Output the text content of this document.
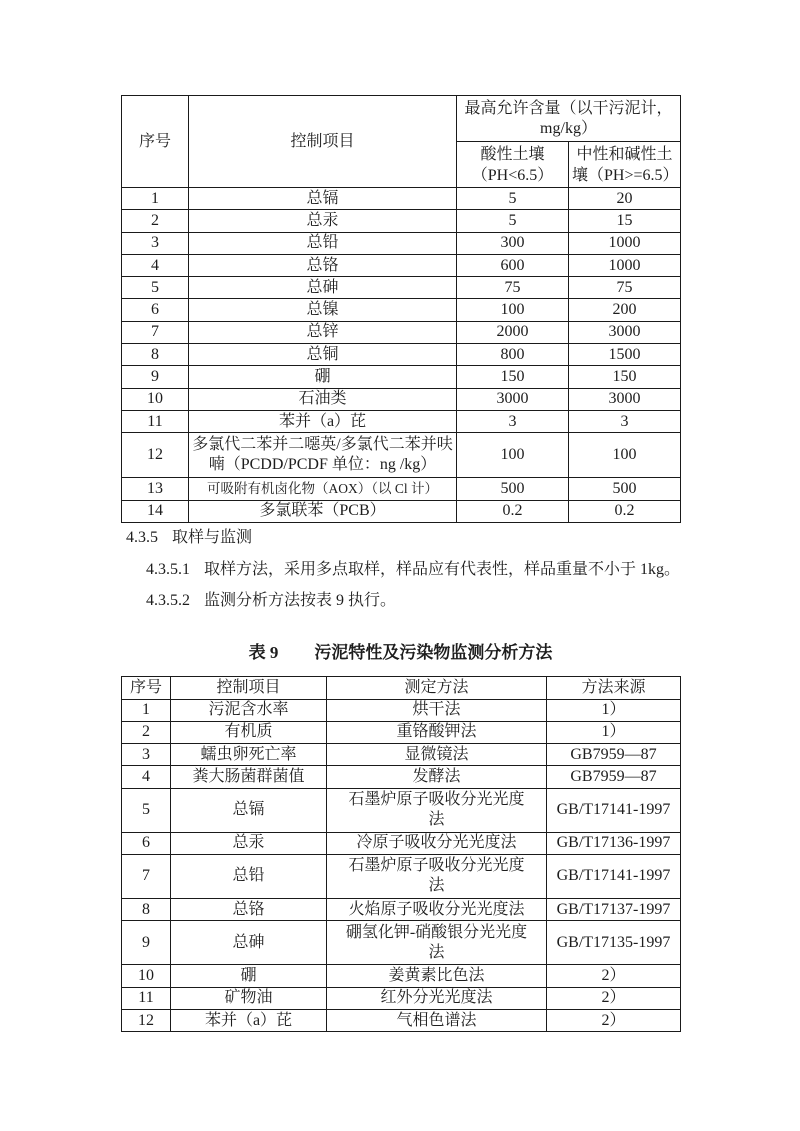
序号	控制项目	最高允许含量（以干污泥计，mg/kg）	
		酸性土壤（PH<6.5）	中性和碱性土壤（PH>=6.5）
1	总镉	5	20
2	总汞	5	15
3	总铅	300	1000
4	总铬	600	1000
5	总砷	75	75
6	总镍	100	200
7	总锌	2000	3000
8	总铜	800	1500
9	硼	150	150
10	石油类	3000	3000
11	苯并（a）芘	3	3
12	多氯代二苯并二噁英/多氯代二苯并呋喃（PCDD/PCDF 单位：ng /kg）	100	100
13	可吸附有机卤化物（AOX）（以 Cl 计）	500	500
14	多氯联苯（PCB）	0.2	0.2

4.3.5 取样与监测

4.3.5.1 取样方法，采用多点取样，样品应有代表性，样品重量不小于 1kg。

4.3.5.2 监测分析方法按表 9 执行。

表 9 污泥特性及污染物监测分析方法
序号	控制项目	测定方法	方法来源
1	污泥含水率	烘干法	1）
2	有机质	重铬酸钾法	1）
3	蠕虫卵死亡率	显微镜法	GB7959—87
4	粪大肠菌群菌值	发酵法	GB7959—87
5	总镉	石墨炉原子吸收分光光度法	GB/T17141-1997
6	总汞	冷原子吸收分光光度法	GB/T17136-1997
7	总铅	石墨炉原子吸收分光光度法	GB/T17141-1997
8	总铬	火焰原子吸收分光光度法	GB/T17137-1997
9	总砷	硼氢化钾-硝酸银分光光度法	GB/T17135-1997
10	硼	姜黄素比色法	2）
11	矿物油	红外分光光度法	2）
12	苯并（a）芘	气相色谱法	2）
